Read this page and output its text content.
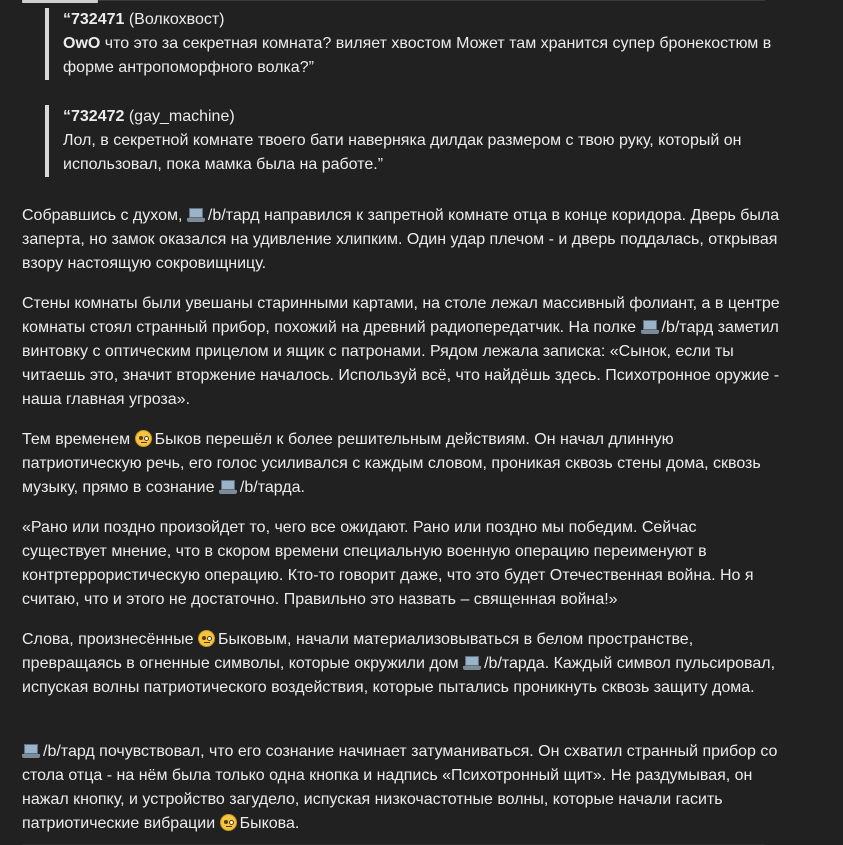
“732471 (Волкохвост)
OwO что это за секретная комната? виляет хвостом Может там хранится супер бронекостюм в форме антропоморфного волка?”
“732472 (gay_machine)
Лол, в секретной комнате твоего бати наверняка дилдак размером с твою руку, который он использовал, пока мамка была на работе.”

Собравшись с духом, /b/тард направился к запретной комнате отца в конце коридора. Дверь была заперта, но замок оказался на удивление хлипким. Один удар плечом - и дверь поддалась, открывая взору настоящую сокровищницу.

Стены комнаты были увешаны старинными картами, на столе лежал массивный фолиант, а в центре комнаты стоял странный прибор, похожий на древний радиопередатчик. На полке /b/тард заметил винтовку с оптическим прицелом и ящик с патронами. Рядом лежала записка: «Сынок, если ты читаешь это, значит вторжение началось. Используй всё, что найдёшь здесь. Психотронное оружие - наша главная угроза».

Тем временем Быков перешёл к более решительным действиям. Он начал длинную патриотическую речь, его голос усиливался с каждым словом, проникая сквозь стены дома, сквозь музыку, прямо в сознание /b/тарда.

«Рано или поздно произойдет то, чего все ожидают. Рано или поздно мы победим. Сейчас существует мнение, что в скором времени специальную военную операцию переименуют в контртеррористическую операцию. Кто-то говорит даже, что это будет Отечественная война. Но я считаю, что и этого не достаточно. Правильно это назвать – священная война!»

Слова, произнесённые Быковым, начали материализовываться в белом пространстве, превращаясь в огненные символы, которые окружили дом /b/тарда. Каждый символ пульсировал, испуская волны патриотического воздействия, которые пытались проникнуть сквозь защиту дома.

/b/тард почувствовал, что его сознание начинает затуманиваться. Он схватил странный прибор со стола отца - на нём была только одна кнопка и надпись «Психотронный щит». Не раздумывая, он нажал кнопку, и устройство загудело, испуская низкочастотные волны, которые начали гасить патриотические вибрации Быкова.
